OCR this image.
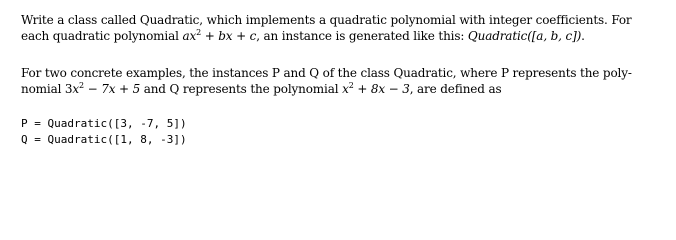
Write a class called Quadratic, which implements a quadratic polynomial with integer coefficients. For
each quadratic polynomial $ax^2$ + bx + c, an instance is generated like this: Quadratic([a, b, c]).
For two concrete examples, the instances P and Q of the class Quadratic, where P represents the poly-
nomial $3x^2 - 7x + 5$ and Q represents the polynomial $x^2 + 8x - 3$, are defined as
P = Quadratic([3, -7, 5])
Q = Quadratic([1, 8, -3])
